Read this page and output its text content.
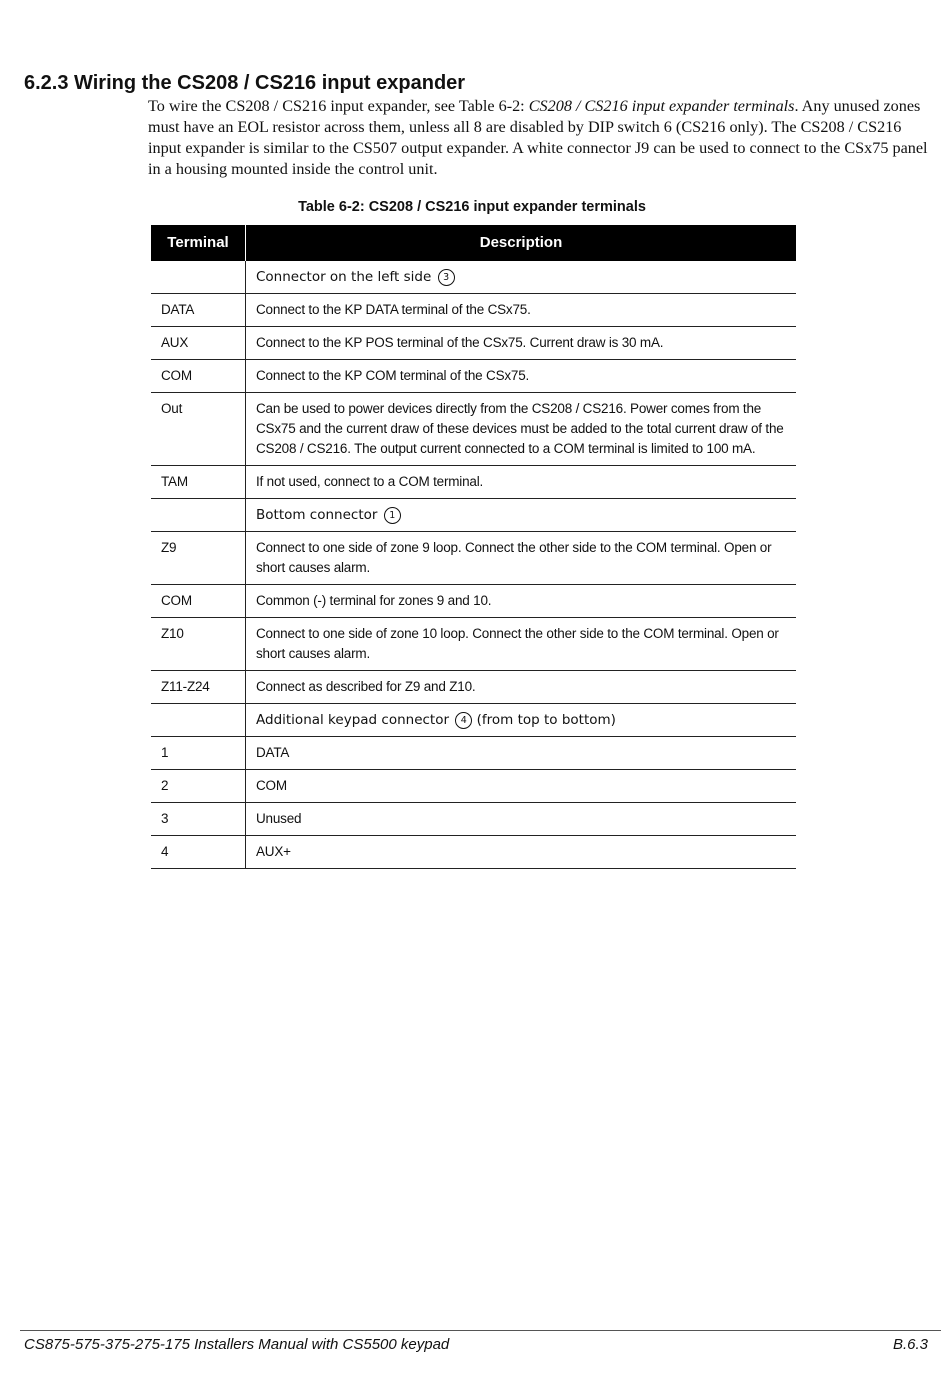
6.2.3 Wiring the CS208 / CS216 input expander

To wire the CS208 / CS216 input expander, see Table 6-2: CS208 / CS216 input expander terminals. Any unused zones must have an EOL resistor across them, unless all 8 are disabled by DIP switch 6 (CS216 only). The CS208 / CS216 input expander is similar to the CS507 output expander. A white connector J9 can be used to connect to the CSx75 panel in a housing mounted inside the control unit.

Table 6-2: CS208 / CS216 input expander terminals

Terminal	Description
	Connector on the left side 3
DATA	Connect to the KP DATA terminal of the CSx75.
AUX	Connect to the KP POS terminal of the CSx75. Current draw is 30 mA.
COM	Connect to the KP COM terminal of the CSx75.
Out	Can be used to power devices directly from the CS208 / CS216. Power comes from the CSx75 and the current draw of these devices must be added to the total current draw of the CS208 / CS216. The output current connected to a COM terminal is limited to 100 mA.
TAM	If not used, connect to a COM terminal.
	Bottom connector 1
Z9	Connect to one side of zone 9 loop. Connect the other side to the COM terminal. Open or short causes alarm.
COM	Common (-) terminal for zones 9 and 10.
Z10	Connect to one side of zone 10 loop. Connect the other side to the COM terminal. Open or short causes alarm.
Z11-Z24	Connect as described for Z9 and Z10.
	Additional keypad connector 4 (from top to bottom)
1	DATA
2	COM
3	Unused
4	AUX+
CS875-575-375-275-175 Installers Manual with CS5500 keypad	B.6.3
